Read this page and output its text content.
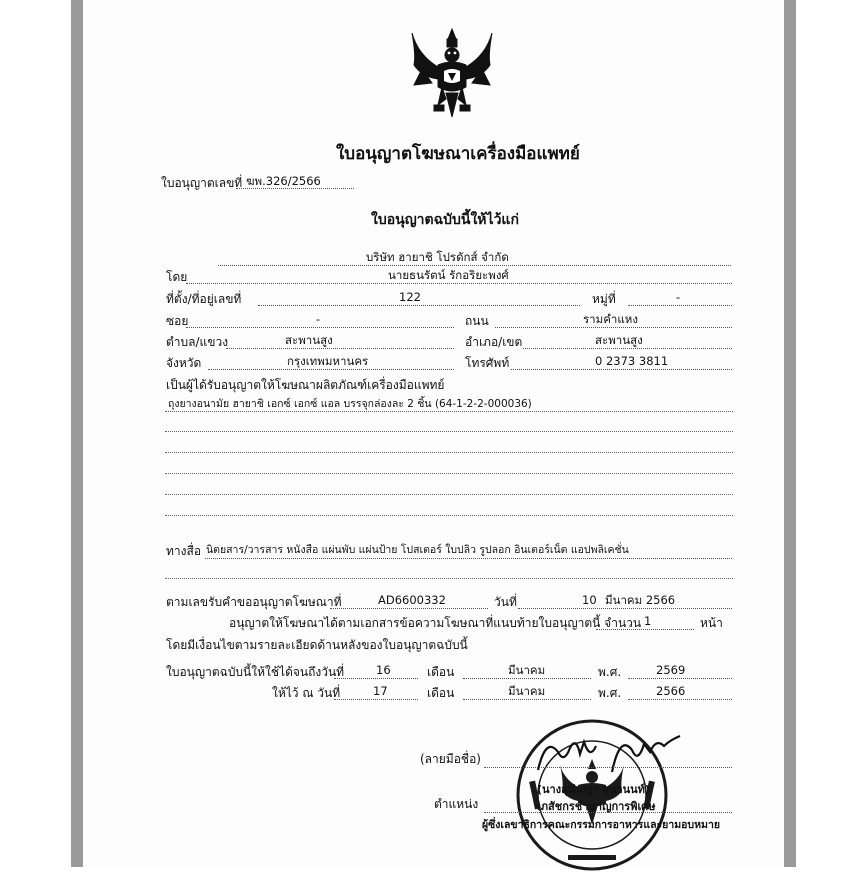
ใบอนุญาตโฆษณาเครื่องมือแพทย์
ใบอนุญาตเลขที่ ฆพ.326/2566
ใบอนุญาตฉบับนี้ให้ไว้แก่
บริษัท ฮายาชิ โปรดักส์ จำกัด
โดย	นายธนรัตน์ รักอริยะพงศ์
ที่ตั้ง/ที่อยู่เลขที่	122	หมู่ที่	-
ซอย	-	ถนน	รามคำแหง
ตำบล/แขวง	สะพานสูง	อำเภอ/เขต	สะพานสูง
จังหวัด	กรุงเทพมหานคร	โทรศัพท์	0 2373 3811
เป็นผู้ได้รับอนุญาตให้โฆษณาผลิตภัณฑ์เครื่องมือแพทย์
ถุงยางอนามัย ฮายาชิ เอกซ์ เอกซ์ แอล บรรจุกล่องละ 2 ชิ้น (64-1-2-2-000036)
ทางสื่อ นิตยสาร/วารสาร หนังสือ แผ่นพับ แผ่นป้าย โปสเตอร์ ใบปลิว รูปลอก อินเตอร์เน็ต แอปพลิเคชั่น
ตามเลขรับคำขออนุญาตโฆษณาที่	AD6600332	วันที่	10 มีนาคม 2566
อนุญาตให้โฆษณาได้ตามเอกสารข้อความโฆษณาที่แนบท้ายใบอนุญาตนี้ จำนวน 1	หน้า
โดยมีเงื่อนไขตามรายละเอียดด้านหลังของใบอนุญาตฉบับนี้
ใบอนุญาตฉบับนี้ให้ใช้ได้จนถึงวันที่	16	เดือน	มีนาคม	พ.ศ.	2569
ให้ไว้ ณ วันที่	17	เดือน	มีนาคม	พ.ศ.	2566
(ลายมือชื่อ)
(นางสุนันญา สุนานนท์)
เภสัชกรชำนาญการพิเศษ
ตำแหน่ง
ผู้ซึ่งเลขาธิการคณะกรรมการอาหารและยามอบหมาย
